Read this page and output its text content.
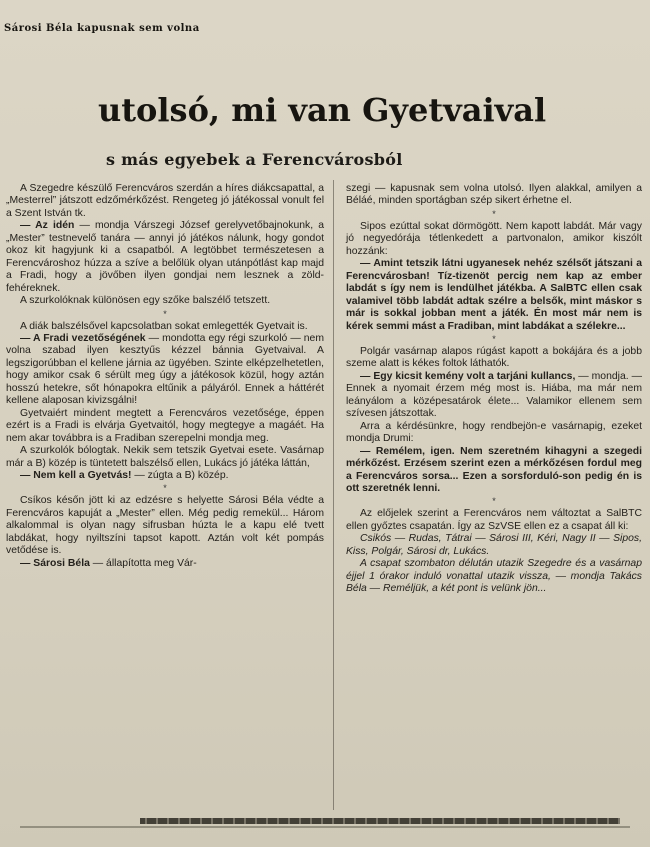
Sárosi Béla kapusnak sem volna
utolsó, mi van Gyetvaival
s más egyebek a Ferencvárosból

A Szegedre készülő Ferencváros szerdán a híres diákcsapattal, a „Mesterrel” játszott edzőmérkőzést. Rengeteg jó játékossal vonult fel a Szent István tk.

— Az idén — mondja Várszegi József gerelyvetőbajnokunk, a „Mester” testnevelő tanára — annyi jó játékos nálunk, hogy gondot okoz kit hagyjunk ki a csapatból. A legtöbbet természetesen a Ferencvároshoz húzza a szíve a belőlük olyan utánpótlást kap majd a Fradi, hogy a jövőben ilyen gondjai nem lesznek a zöld-fehéreknek.

A szurkolóknak különösen egy szőke balszélő tetszett.

*

A diák balszélsővel kapcsolatban sokat emlegették Gyetvait is.

— A Fradi vezetőségének — mondotta egy régi szurkoló — nem volna szabad ilyen kesztyűs kézzel bánnia Gyetvaival. A legszigorúbban el kellene járnia az ügyében. Szinte elképzelhetetlen, hogy amikor csak 6 sérült meg úgy a játékosok közül, hogy aztán hosszú hetekre, sőt hónapokra eltűnik a pályáról. Ennek a háttérét kellene alaposan kivizsgálni!

Gyetvaiért mindent megtett a Ferencváros vezetősége, éppen ezért is a Fradi is elvárja Gyetvaitól, hogy megtegye a magáét. Ha nem akar továbbra is a Fradiban szerepelni mondja meg.

A szurkolók bólogtak. Nekik sem tetszik Gyetvai esete. Vasárnap már a B) közép is tüntetett balszélső ellen, Lukács jó játéka láttán,

— Nem kell a Gyetvás! — zúgta a B) közép.

*

Csíkos későn jött ki az edzésre s helyette Sárosi Béla védte a Ferencváros kapuját a „Mester” ellen. Még pedig remekül... Három alkalommal is olyan nagy sifrusban húzta le a kapu elé tvett labdákat, hogy nyiltszíni tapsot kapott. Aztán volt két pompás vetődése is.

— Sárosi Béla — állapította meg Vár-

szegi — kapusnak sem volna utolsó. Ilyen alakkal, amilyen a Béláé, minden sportágban szép sikert érhetne el.

*

Sipos ezúttal sokat dörmögött. Nem kapott labdát. Már vagy jó negyedórája tétlenkedett a partvonalon, amikor kiszólt hozzánk:

— Amint tetszik látni ugyanesek nehéz szélsőt játszani a Ferencvárosban! Tíz-tizenöt percig nem kap az ember labdát s így nem is lendülhet játékba. A SalBTC ellen csak valamivel több labdát adtak szélre a belsők, mint máskor s már is sokkal jobban ment a játék. Én most már nem is kérek semmi mást a Fradiban, mint labdákat a szélekre...

*

Polgár vasárnap alapos rúgást kapott a bokájára és a jobb szeme alatt is kékes foltok láthatók.

— Egy kicsit kemény volt a tarjáni kullancs, — mondja. — Ennek a nyomait érzem még most is. Hiába, ma már nem leányálom a középesatárok élete... Valamikor ellenem sem szívesen játszottak.

Arra a kérdésünkre, hogy rendbejön-e vasárnapig, ezeket mondja Drumi:

— Remélem, igen. Nem szeretném kihagyni a szegedi mérkőzést. Erzésem szerint ezen a mérkőzésen fordul meg a Ferencváros sorsa... Ezen a sorsforduló-son pedig én is ott szeretnék lenni.

*

Az előjelek szerint a Ferencváros nem változtat a SalBTC ellen győztes csapatán. Így az SzVSE ellen ez a csapat áll ki:

Csikós — Rudas, Tátrai — Sárosi III, Kéri, Nagy II — Sipos, Kiss, Polgár, Sárosi dr, Lukács.

A csapat szombaton délután utazik Szegedre és a vasárnap éjjel 1 órakor induló vonattal utazik vissza, — mondja Takács Béla — Reméljük, a két pont is velünk jön...
